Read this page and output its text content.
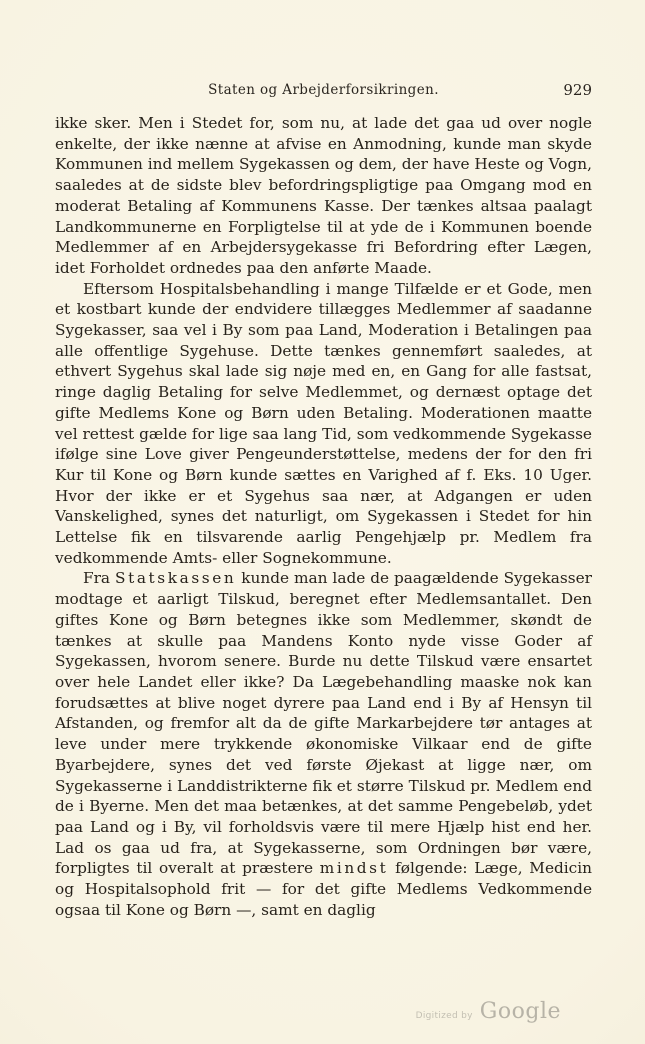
Staten og Arbejderforsikringen.	929

ikke sker. Men i Stedet for, som nu, at lade det gaa ud over nogle enkelte, der ikke nænne at afvise en Anmodning, kunde man skyde Kommunen ind mellem Sygekassen og dem, der have Heste og Vogn, saaledes at de sidste blev befordringspligtige paa Omgang mod en moderat Betaling af Kommunens Kasse. Der tænkes altsaa paalagt Landkommunerne en Forpligtelse til at yde de i Kommunen boende Medlemmer af en Arbejdersygekasse fri Befordring efter Lægen, idet Forholdet ordnedes paa den anførte Maade.

Eftersom Hospitalsbehandling i mange Tilfælde er et Gode, men et kostbart kunde der endvidere tillægges Medlemmer af saadanne Sygekasser, saa vel i By som paa Land, Moderation i Betalingen paa alle offentlige Sygehuse. Dette tænkes gennemført saaledes, at ethvert Sygehus skal lade sig nøje med en, en Gang for alle fastsat, ringe daglig Betaling for selve Medlemmet, og dernæst optage det gifte Medlems Kone og Børn uden Betaling. Moderationen maatte vel rettest gælde for lige saa lang Tid, som vedkommende Sygekasse ifølge sine Love giver Pengeunderstøttelse, medens der for den fri Kur til Kone og Børn kunde sættes en Varighed af f. Eks. 10 Uger. Hvor der ikke er et Sygehus saa nær, at Adgangen er uden Vanskelighed, synes det naturligt, om Sygekassen i Stedet for hin Lettelse fik en tilsvarende aarlig Pengehjælp pr. Medlem fra vedkommende Amts- eller Sognekommune.

Fra Statskassen kunde man lade de paagældende Sygekasser modtage et aarligt Tilskud, beregnet efter Medlemsantallet. Den giftes Kone og Børn betegnes ikke som Medlemmer, skøndt de tænkes at skulle paa Mandens Konto nyde visse Goder af Sygekassen, hvorom senere. Burde nu dette Tilskud være ensartet over hele Landet eller ikke? Da Lægebehandling maaske nok kan forudsættes at blive noget dyrere paa Land end i By af Hensyn til Afstanden, og fremfor alt da de gifte Markarbejdere tør antages at leve under mere trykkende økonomiske Vilkaar end de gifte Byarbejdere, synes det ved første Øjekast at ligge nær, om Sygekasserne i Landdistrikterne fik et større Tilskud pr. Medlem end de i Byerne. Men det maa betænkes, at det samme Pengebeløb, ydet paa Land og i By, vil forholdsvis være til mere Hjælp hist end her. Lad os gaa ud fra, at Sygekasserne, som Ordningen bør være, forpligtes til overalt at præstere mindst følgende: Læge, Medicin og Hospitalsophold frit — for det gifte Medlems Vedkommende ogsaa til Kone og Børn —, samt en daglig

Digitized by Google
